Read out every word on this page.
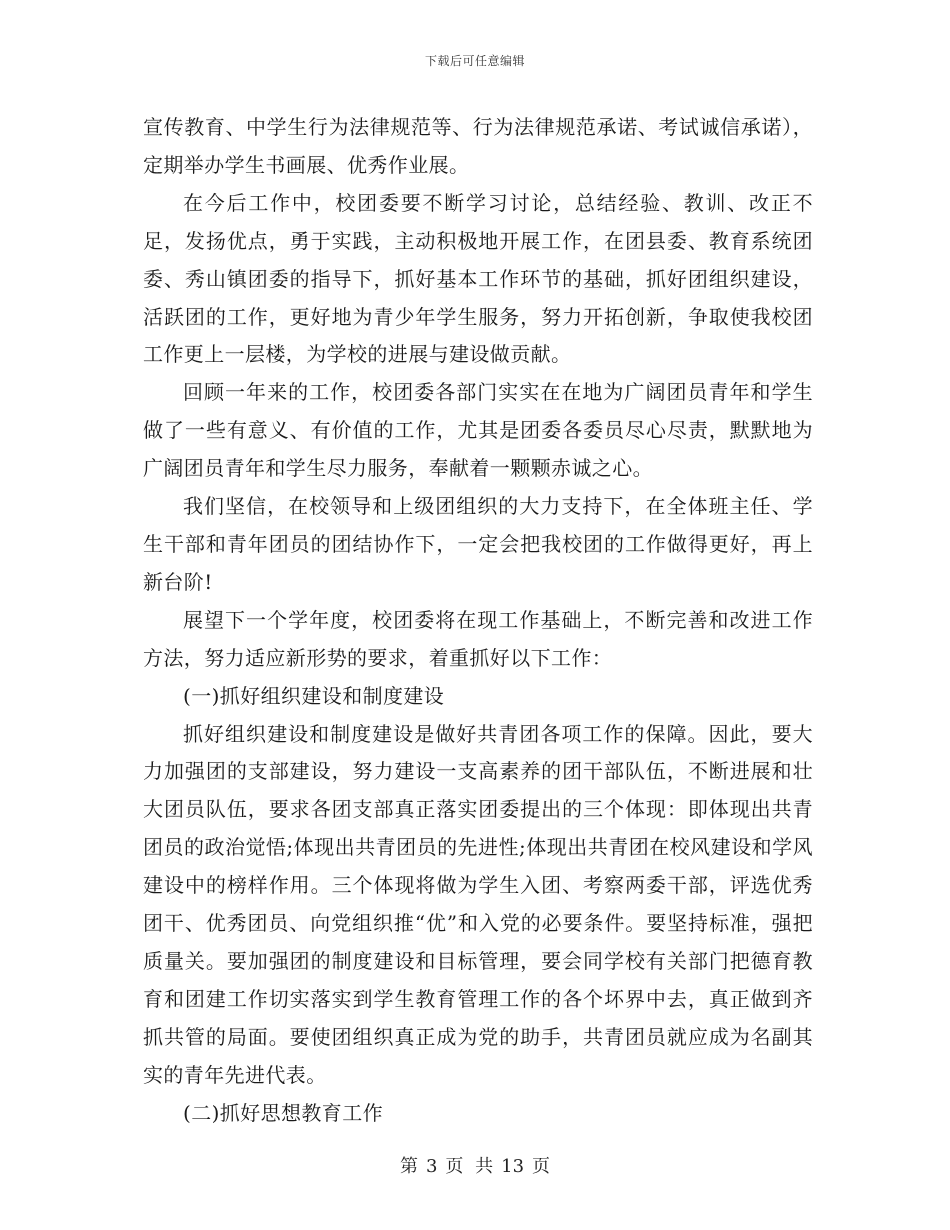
下载后可任意编辑

宣传教育、中学生行为法律规范等、行为法律规范承诺、考试诚信承诺），定期举办学生书画展、优秀作业展。

在今后工作中，校团委要不断学习讨论，总结经验、教训、改正不足，发扬优点，勇于实践，主动积极地开展工作，在团县委、教育系统团委、秀山镇团委的指导下，抓好基本工作环节的基础，抓好团组织建设，活跃团的工作，更好地为青少年学生服务，努力开拓创新，争取使我校团工作更上一层楼，为学校的进展与建设做贡献。

回顾一年来的工作，校团委各部门实实在在地为广阔团员青年和学生做了一些有意义、有价值的工作，尤其是团委各委员尽心尽责，默默地为广阔团员青年和学生尽力服务，奉献着一颗颗赤诚之心。

我们坚信，在校领导和上级团组织的大力支持下，在全体班主任、学生干部和青年团员的团结协作下，一定会把我校团的工作做得更好，再上新台阶!

展望下一个学年度，校团委将在现工作基础上，不断完善和改进工作方法，努力适应新形势的要求，着重抓好以下工作：

(一)抓好组织建设和制度建设

抓好组织建设和制度建设是做好共青团各项工作的保障。因此，要大力加强团的支部建设，努力建设一支高素养的团干部队伍，不断进展和壮大团员队伍，要求各团支部真正落实团委提出的三个体现：即体现出共青团员的政治觉悟;体现出共青团员的先进性;体现出共青团在校风建设和学风建设中的榜样作用。三个体现将做为学生入团、考察两委干部，评选优秀团干、优秀团员、向党组织推“优”和入党的必要条件。要坚持标准，强把质量关。要加强团的制度建设和目标管理，要会同学校有关部门把德育教育和团建工作切实落实到学生教育管理工作的各个坏界中去，真正做到齐抓共管的局面。要使团组织真正成为党的助手，共青团员就应成为名副其实的青年先进代表。

(二)抓好思想教育工作

第 3 页 共 13 页
